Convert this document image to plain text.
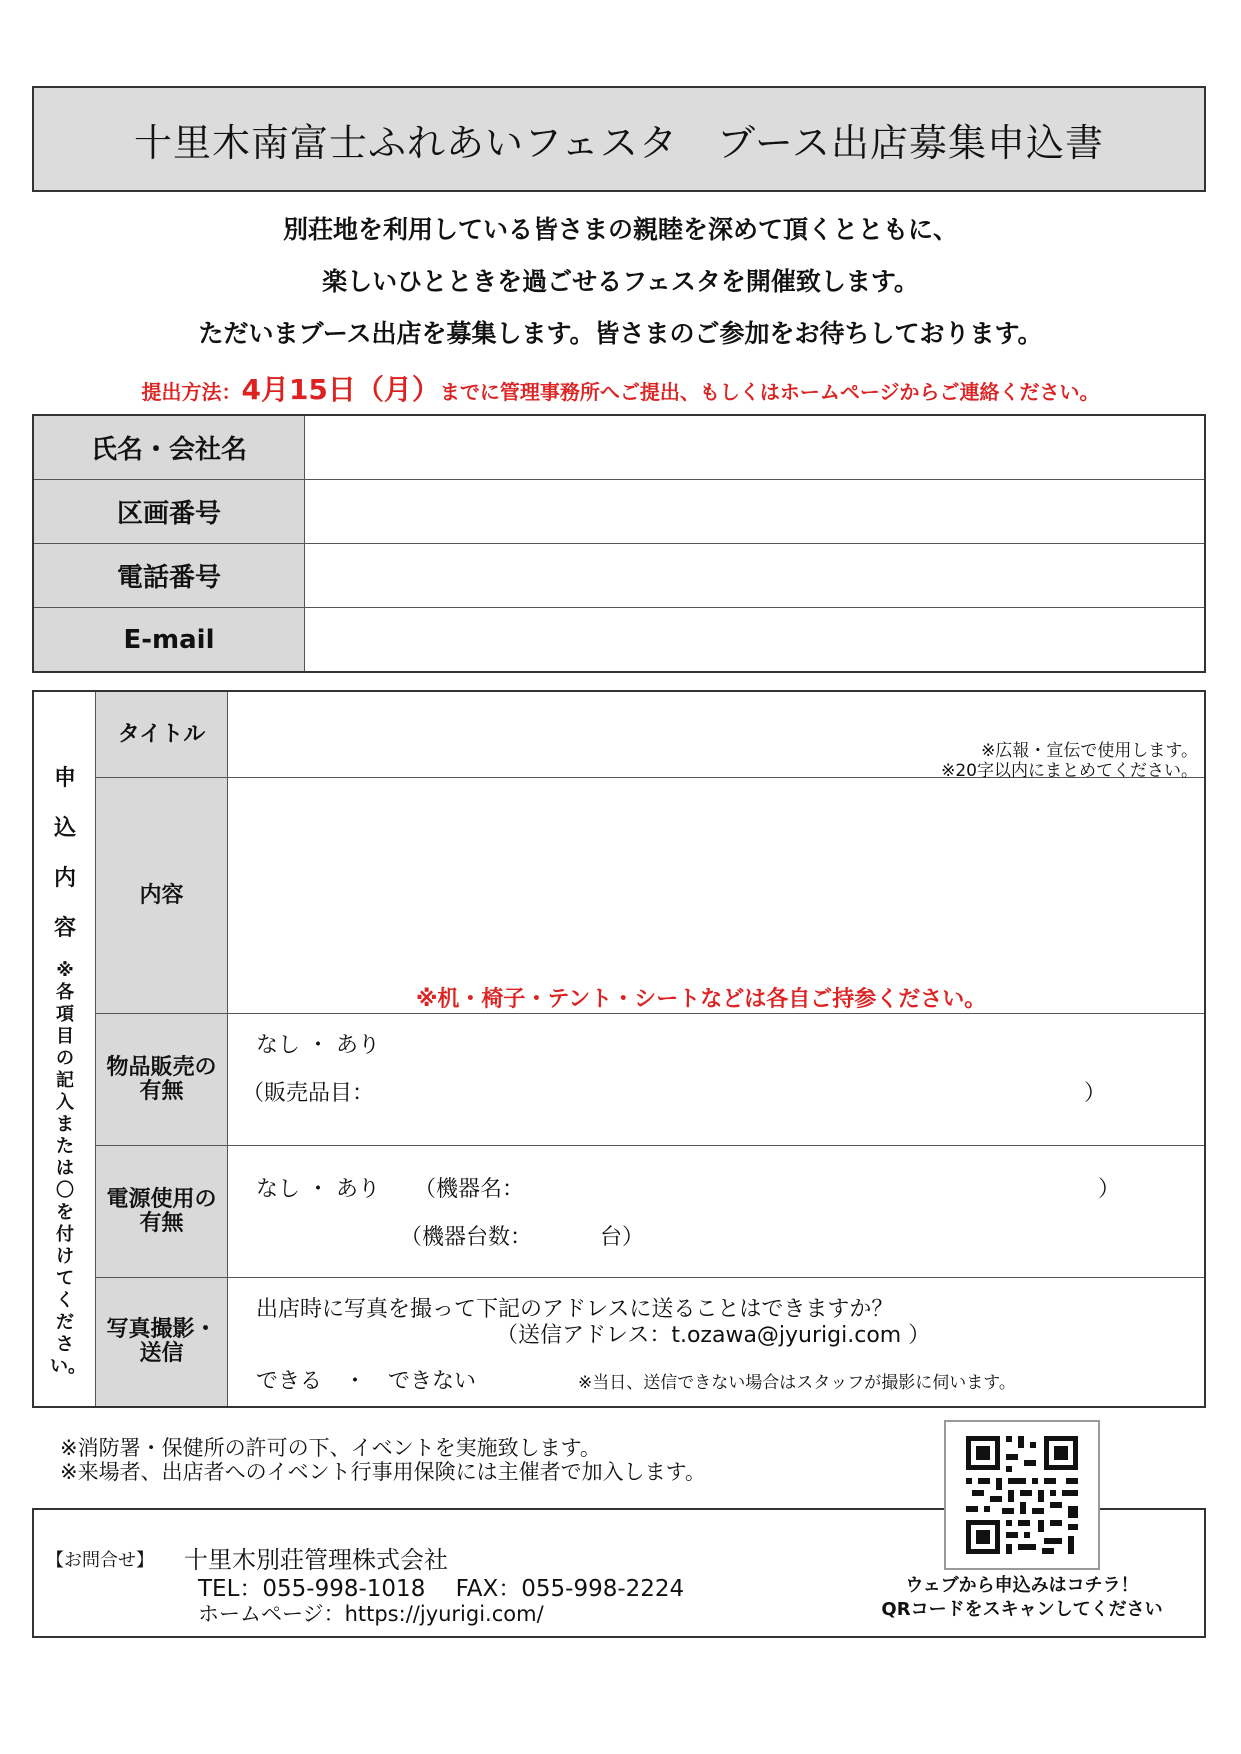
十里木南富士ふれあいフェスタ　ブース出店募集申込書
別荘地を利用している皆さまの親睦を深めて頂くとともに、
楽しいひとときを過ごせるフェスタを開催致します。
ただいまブース出店を募集します。皆さまのご参加をお待ちしております。
提出方法：4月15日（月）までに管理事務所へご提出、もしくはホームページからご連絡ください。
氏名・会社名	
区画番号	
電話番号	
E-mail	
申
込
内
容
※各項目の記入または〇を付けてください。
タイトル
※広報・宣伝で使用します。
※20字以内にまとめてください。
内容
※机・椅子・テント・シートなどは各自ご持参ください。
物品販売の有無
なし ・ あり
（販売品目：	）
電源使用の有無
なし ・ あり （機器名：	）
（機器台数：	台）
写真撮影・送信
出店時に写真を撮って下記のアドレスに送ることはできますか？
（送信アドレス：t.ozawa@jyurigi.com ）
できる　・　できない	※当日、送信できない場合はスタッフが撮影に伺います。
※消防署・保健所の許可の下、イベントを実施致します。
※来場者、出店者へのイベント行事用保険には主催者で加入します。
【お問合せ】 十里木別荘管理株式会社
TEL：055-998-1018　 FAX：055-998-2224
ホームページ：https://jyurigi.com/
ウェブから申込みはコチラ！
QRコードをスキャンしてください
